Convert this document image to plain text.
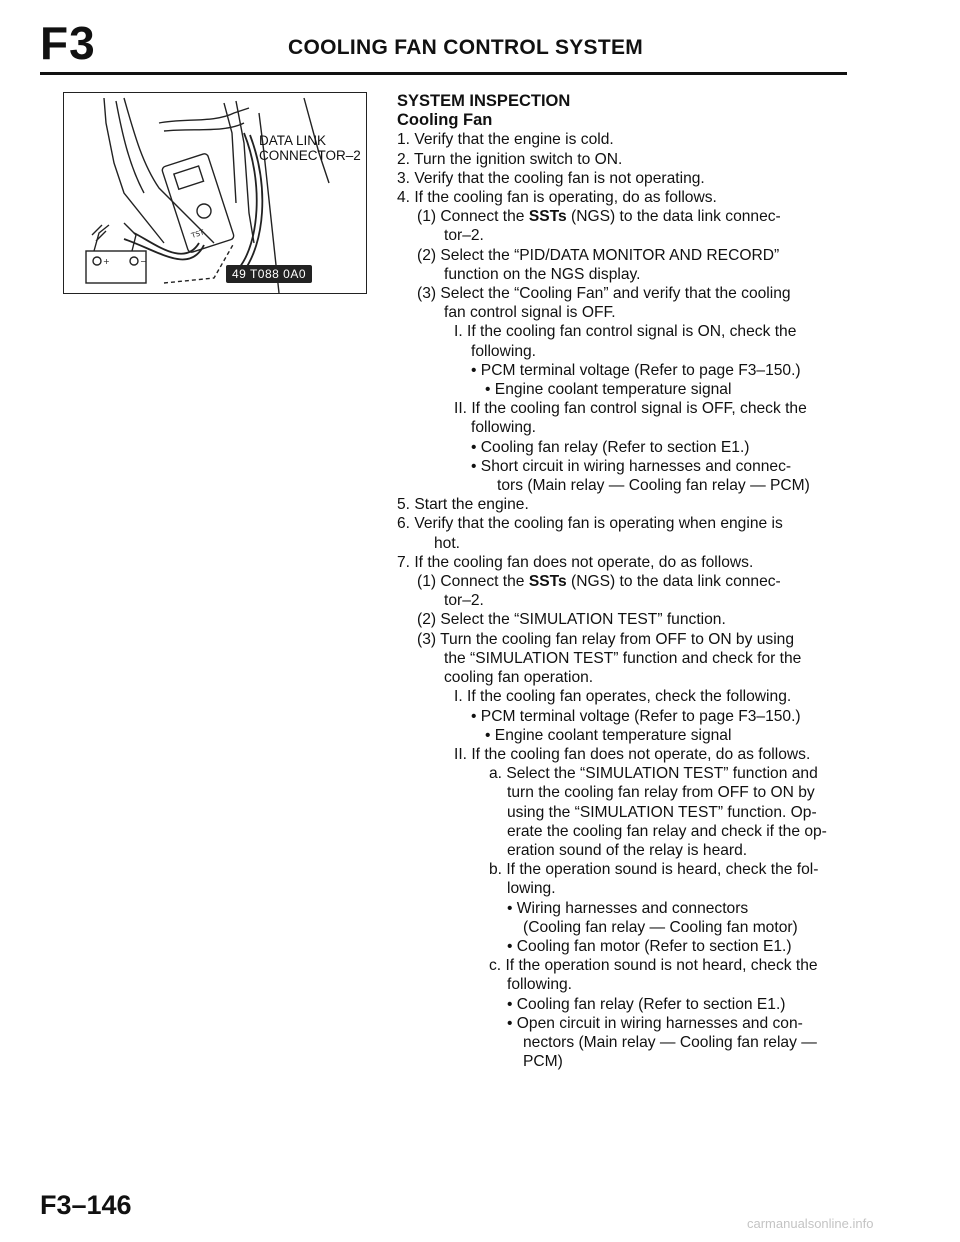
F3	COOLING FAN CONTROL SYSTEM
+	−
TST
DATA LINK
CONNECTOR–2
49 T088 0A0
SYSTEM INSPECTION
Cooling Fan
1. Verify that the engine is cold.
2. Turn the ignition switch to ON.
3. Verify that the cooling fan is not operating.
4. If the cooling fan is operating, do as follows.
(1) Connect the SSTs (NGS) to the data link connec-
tor–2.
(2) Select the “PID/DATA MONITOR AND RECORD”
function on the NGS display.
(3) Select the “Cooling Fan” and verify that the cooling
fan control signal is OFF.
I. If the cooling fan control signal is ON, check the
following.
• PCM terminal voltage (Refer to page F3–150.)
• Engine coolant temperature signal
II. If the cooling fan control signal is OFF, check the
following.
• Cooling fan relay (Refer to section E1.)
• Short circuit in wiring harnesses and connec-
tors (Main relay — Cooling fan relay — PCM)
5. Start the engine.
6. Verify that the cooling fan is operating when engine is
hot.
7. If the cooling fan does not operate, do as follows.
(1) Connect the SSTs (NGS) to the data link connec-
tor–2.
(2) Select the “SIMULATION TEST” function.
(3) Turn the cooling fan relay from OFF to ON by using
the “SIMULATION TEST” function and check for the
cooling fan operation.
I. If the cooling fan operates, check the following.
• PCM terminal voltage (Refer to page F3–150.)
• Engine coolant temperature signal
II. If the cooling fan does not operate, do as follows.
a. Select the “SIMULATION TEST” function and
turn the cooling fan relay from OFF to ON by
using the “SIMULATION TEST” function. Op-
erate the cooling fan relay and check if the op-
eration sound of the relay is heard.
b. If the operation sound is heard, check the fol-
lowing.
• Wiring harnesses and connectors
(Cooling fan relay — Cooling fan motor)
• Cooling fan motor (Refer to section E1.)
c. If the operation sound is not heard, check the
following.
• Cooling fan relay (Refer to section E1.)
• Open circuit in wiring harnesses and con-
nectors (Main relay — Cooling fan relay —
PCM)
F3–146
carmanualsonline.info
